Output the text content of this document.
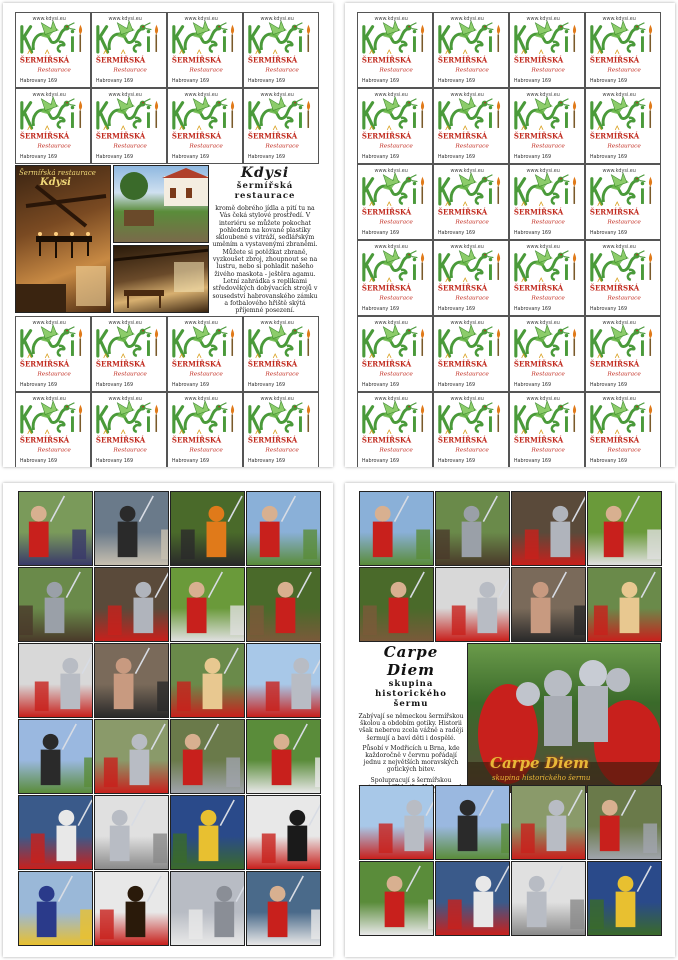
www.kdysi.eu
ŠERMÍŘSKÁ
Restaurace
Habrovany 169
www.kdysi.eu
ŠERMÍŘSKÁ
Restaurace
Habrovany 169
www.kdysi.eu
ŠERMÍŘSKÁ
Restaurace
Habrovany 169
www.kdysi.eu
ŠERMÍŘSKÁ
Restaurace
Habrovany 169
www.kdysi.eu
ŠERMÍŘSKÁ
Restaurace
Habrovany 169
www.kdysi.eu
ŠERMÍŘSKÁ
Restaurace
Habrovany 169
www.kdysi.eu
ŠERMÍŘSKÁ
Restaurace
Habrovany 169
www.kdysi.eu
ŠERMÍŘSKÁ
Restaurace
Habrovany 169
www.kdysi.eu
ŠERMÍŘSKÁ
Restaurace
Habrovany 169
www.kdysi.eu
ŠERMÍŘSKÁ
Restaurace
Habrovany 169
www.kdysi.eu
ŠERMÍŘSKÁ
Restaurace
Habrovany 169
www.kdysi.eu
ŠERMÍŘSKÁ
Restaurace
Habrovany 169
www.kdysi.eu
ŠERMÍŘSKÁ
Restaurace
Habrovany 169
www.kdysi.eu
ŠERMÍŘSKÁ
Restaurace
Habrovany 169
www.kdysi.eu
ŠERMÍŘSKÁ
Restaurace
Habrovany 169
www.kdysi.eu
ŠERMÍŘSKÁ
Restaurace
Habrovany 169
www.kdysi.eu
ŠERMÍŘSKÁ
Restaurace
Habrovany 169
www.kdysi.eu
ŠERMÍŘSKÁ
Restaurace
Habrovany 169
www.kdysi.eu
ŠERMÍŘSKÁ
Restaurace
Habrovany 169
www.kdysi.eu
ŠERMÍŘSKÁ
Restaurace
Habrovany 169
www.kdysi.eu
ŠERMÍŘSKÁ
Restaurace
Habrovany 169
www.kdysi.eu
ŠERMÍŘSKÁ
Restaurace
Habrovany 169
www.kdysi.eu
ŠERMÍŘSKÁ
Restaurace
Habrovany 169
www.kdysi.eu
ŠERMÍŘSKÁ
Restaurace
Habrovany 169
www.kdysi.eu
ŠERMÍŘSKÁ
Restaurace
Habrovany 169
www.kdysi.eu
ŠERMÍŘSKÁ
Restaurace
Habrovany 169
www.kdysi.eu
ŠERMÍŘSKÁ
Restaurace
Habrovany 169
www.kdysi.eu
ŠERMÍŘSKÁ
Restaurace
Habrovany 169
www.kdysi.eu
ŠERMÍŘSKÁ
Restaurace
Habrovany 169
www.kdysi.eu
ŠERMÍŘSKÁ
Restaurace
Habrovany 169
www.kdysi.eu
ŠERMÍŘSKÁ
Restaurace
Habrovany 169
www.kdysi.eu
ŠERMÍŘSKÁ
Restaurace
Habrovany 169
www.kdysi.eu
ŠERMÍŘSKÁ
Restaurace
Habrovany 169
www.kdysi.eu
ŠERMÍŘSKÁ
Restaurace
Habrovany 169
www.kdysi.eu
ŠERMÍŘSKÁ
Restaurace
Habrovany 169
www.kdysi.eu
ŠERMÍŘSKÁ
Restaurace
Habrovany 169
www.kdysi.eu
ŠERMÍŘSKÁ
Restaurace
Habrovany 169
www.kdysi.eu
ŠERMÍŘSKÁ
Restaurace
Habrovany 169
www.kdysi.eu
ŠERMÍŘSKÁ
Restaurace
Habrovany 169
www.kdysi.eu
ŠERMÍŘSKÁ
Restaurace
Habrovany 169
Šermířská restaurace
Kdysi
Kdysi
šermířská restaurace
kromě dobrého jídla a pití tu na Vás čeká stylové prostředí. V interiéru se můžete pokochat pohledem na kované plastiky skloubené s vitráží, sedlářským uměním a vystavenými zbraněmi.
Můžete si potěžkat zbraně, vyzkoušet zbroj, zhoupnout se na lustru, nebo si pohladit našeho živého maskota - ještěra agamu.
Letní zahrádka s replikami středověkých dobývacích strojů v sousedství habrovanského zámku a fotbalového hřiště skýtá příjemné posezení.
Carpe Diem
skupina historického šermu
Zabývají se německou šermířskou školou a obdobím gotiky. Historii však neberou zcela vážně a raději šermují a baví děti i dospělé.
Působí v Modřicích u Brna, kde každoročně v červnu pořádají jednu z největších moravských gotických bitev.
Spolupracují s šermířskou
Carpe Diem
skupina historického šermu
